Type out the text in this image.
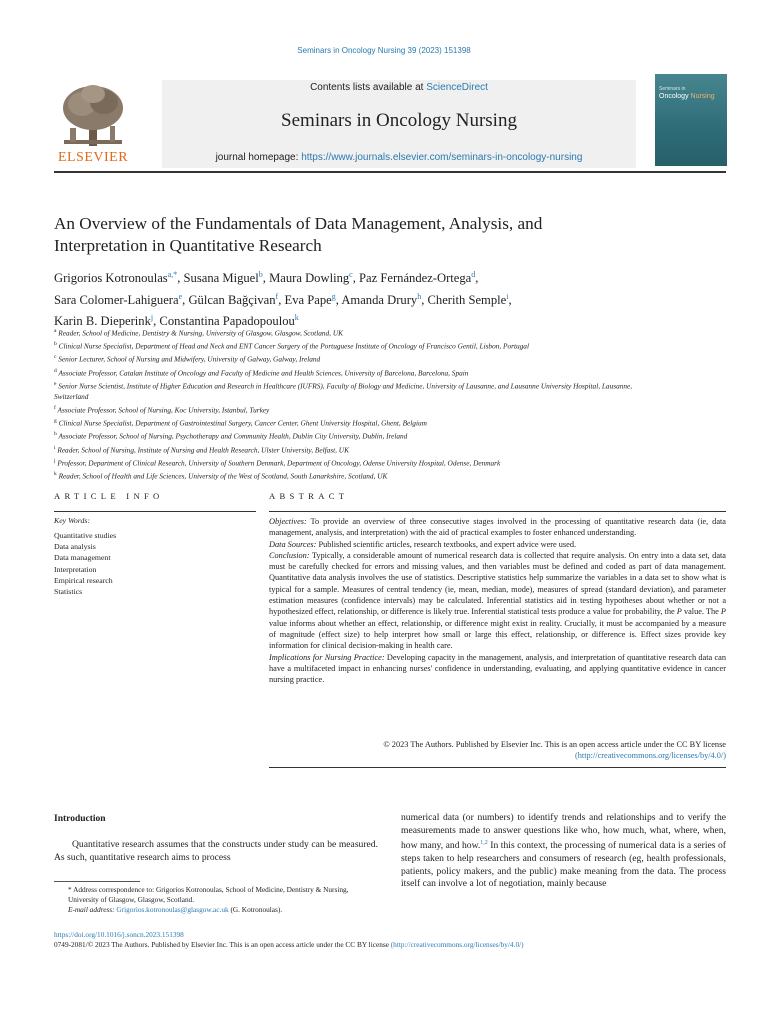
Seminars in Oncology Nursing 39 (2023) 151398
ELSEVIER
Contents lists available at ScienceDirect
Seminars in Oncology Nursing
journal homepage: https://www.journals.elsevier.com/seminars-in-oncology-nursing
Seminars in
Oncology Nursing
An Overview of the Fundamentals of Data Management, Analysis, and
Interpretation in Quantitative Research
Grigorios Kotronoulas$^{a,*}$, Susana Miguel$^b$, Maura Dowling$^c$, Paz Fernández-Ortega$^d$,
Sara Colomer-Lahiguera$^e$, Gülcan Bağçivan$^f$, Eva Pape$^g$, Amanda Drury$^h$, Cherith Semple$^i$,
Karin B. Dieperink$^j$, Constantina Papadopoulou$^k$
$^a$ Reader, School of Medicine, Dentistry & Nursing, University of Glasgow, Glasgow, Scotland, UK
$^b$ Clinical Nurse Specialist, Department of Head and Neck and ENT Cancer Surgery of the Portuguese Institute of Oncology of Francisco Gentil, Lisbon, Portugal
$^c$ Senior Lecturer, School of Nursing and Midwifery, University of Galway, Galway, Ireland
$^d$ Associate Professor, Catalan Institute of Oncology and Faculty of Medicine and Health Sciences, University of Barcelona, Barcelona, Spain
$^e$ Senior Nurse Scientist, Institute of Higher Education and Research in Healthcare (IUFRS), Faculty of Biology and Medicine, University of Lausanne, and Lausanne University Hospital, Lausanne, Switzerland
$^f$ Associate Professor, School of Nursing, Koc University, Istanbul, Turkey
$^g$ Clinical Nurse Specialist, Department of Gastrointestinal Surgery, Cancer Center, Ghent University Hospital, Ghent, Belgium
$^h$ Associate Professor, School of Nursing, Psychotherapy and Community Health, Dublin City University, Dublin, Ireland
$^i$ Reader, School of Nursing, Institute of Nursing and Health Research, Ulster University, Belfast, UK
$^j$ Professor, Department of Clinical Research, University of Southern Denmark, Department of Oncology, Odense University Hospital, Odense, Denmark
$^k$ Reader, School of Health and Life Sciences, University of the West of Scotland, South Lanarkshire, Scotland, UK
ARTICLE INFO
Key Words:
Quantitative studies
Data analysis
Data management
Interpretation
Empirical research
Statistics
ABSTRACT
Objectives: To provide an overview of three consecutive stages involved in the processing of quantitative research data (ie, data management, analysis, and interpretation) with the aid of practical examples to foster enhanced understanding.
Data Sources: Published scientific articles, research textbooks, and expert advice were used.
Conclusion: Typically, a considerable amount of numerical research data is collected that require analysis. On entry into a data set, data must be carefully checked for errors and missing values, and then variables must be defined and coded as part of data management. Quantitative data analysis involves the use of statistics. Descriptive statistics help summarize the variables in a data set to show what is typical for a sample. Measures of central tendency (ie, mean, median, mode), measures of spread (standard deviation), and parameter estimation measures (confidence intervals) may be calculated. Inferential statistics aid in testing hypotheses about whether or not a hypothesized effect, relationship, or difference is likely true. Inferential statistical tests produce a value for probability, the P value. The P value informs about whether an effect, relationship, or difference might exist in reality. Crucially, it must be accompanied by a measure of magnitude (effect size) to help interpret how small or large this effect, relationship, or difference is. Effect sizes provide key information for clinical decision-making in health care.
Implications for Nursing Practice: Developing capacity in the management, analysis, and interpretation of quantitative research data can have a multifaceted impact in enhancing nurses' confidence in understanding, evaluating, and applying quantitative evidence in cancer nursing practice.
© 2023 The Authors. Published by Elsevier Inc. This is an open access article under the CC BY license
(http://creativecommons.org/licenses/by/4.0/)
Introduction
Quantitative research assumes that the constructs under study can be measured. As such, quantitative research aims to process
numerical data (or numbers) to identify trends and relationships and to verify the measurements made to answer questions like who, how much, what, where, when, how many, and how.$^{1,2}$ In this context, the processing of numerical data is a series of steps taken to help researchers and consumers of research (eg, health professionals, patients, policy makers, and the public) make meaning from the data. The process itself can involve a lot of negotiation, mainly because
* Address correspondence to: Grigorios Kotronoulas, School of Medicine, Dentistry & Nursing, University of Glasgow, Glasgow, Scotland.
E-mail address: Grigorios.kotronoulas@glasgow.ac.uk (G. Kotronoulas).
https://doi.org/10.1016/j.soncn.2023.151398
0749-2081/© 2023 The Authors. Published by Elsevier Inc. This is an open access article under the CC BY license (http://creativecommons.org/licenses/by/4.0/)
